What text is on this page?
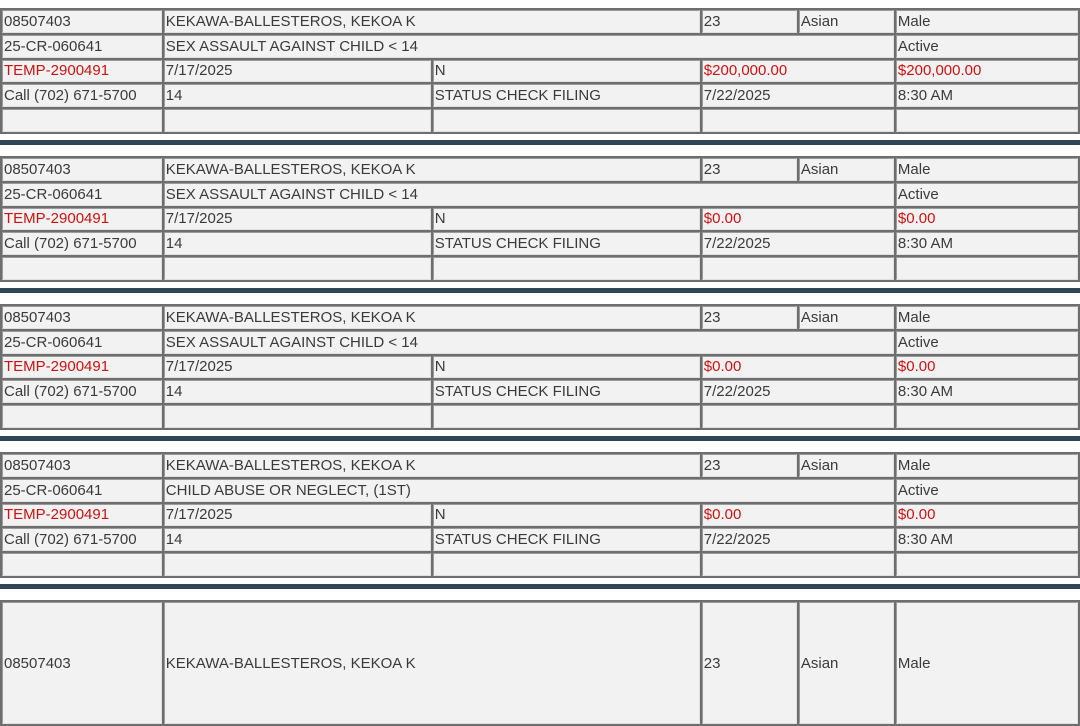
08507403	KEKAWA-BALLESTEROS, KEKOA K		23	Asian	Male
25-CR-060641	SEX ASSAULT AGAINST CHILD < 14				Active
TEMP-2900491	7/17/2025	N	$200,000.00		$200,000.00
Call (702) 671-5700	14	STATUS CHECK FILING	7/22/2025		8:30 AM

08507403	KEKAWA-BALLESTEROS, KEKOA K		23	Asian	Male
25-CR-060641	SEX ASSAULT AGAINST CHILD < 14				Active
TEMP-2900491	7/17/2025	N	$0.00		$0.00
Call (702) 671-5700	14	STATUS CHECK FILING	7/22/2025		8:30 AM

08507403	KEKAWA-BALLESTEROS, KEKOA K		23	Asian	Male
25-CR-060641	SEX ASSAULT AGAINST CHILD < 14				Active
TEMP-2900491	7/17/2025	N	$0.00		$0.00
Call (702) 671-5700	14	STATUS CHECK FILING	7/22/2025		8:30 AM

08507403	KEKAWA-BALLESTEROS, KEKOA K		23	Asian	Male
25-CR-060641	CHILD ABUSE OR NEGLECT, (1ST)				Active
TEMP-2900491	7/17/2025	N	$0.00		$0.00
Call (702) 671-5700	14	STATUS CHECK FILING	7/22/2025		8:30 AM

08507403	KEKAWA-BALLESTEROS, KEKOA K	23	Asian	Male
